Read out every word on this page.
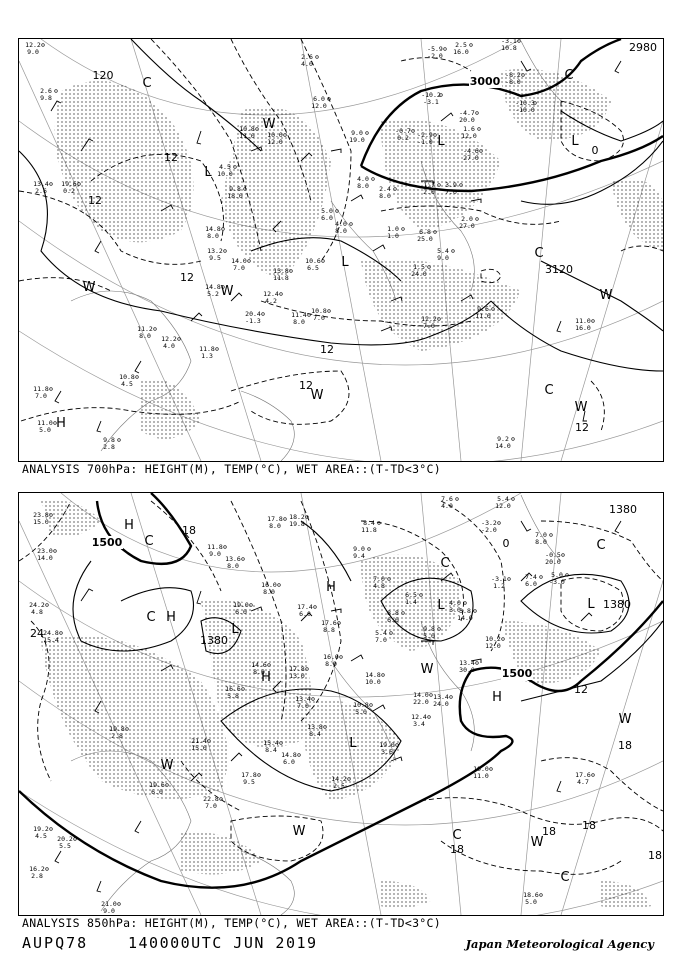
L
L
L	L
C
C
C
C
W
W
W
W
W
W
H
3000
2980
3120
12
12
12
12
12
12
0
120
12.2
9.0
2.6
9.8
13.4
2.6
19.6
0.2
11.2
8.0 12.2
4.0	11.8
1.3
10.8
4.5
11.8
7.0
11.0
5.0
9.8
2.8
10.8
11.0 10.0
12.0
4.5
10.0
9.8
18.0
14.8
8.0
13.2
9.5 14.0
7.0
14.8
5.2
20.4
-1.3
12.4
4.2
13.8
11.8
10.6
6.5
10.8
7.0
11.4
8.0
2.6
4.0
6.0
12.0
9.0
19.0
4.0
8.0
5.0
6.0
4.0
8.0
2.4
8.0
-0.7
0.2 -2.9
-1.0
1.7
2.0
3.9
7.0
2.0
27.0
6.8
25.0
5.4
9.0
1.0
1.0
1.5
24.0
-5.9
-2.0
2.5
16.0
-10.2
-3.1
-4.7
20.0
1.6
12.0
-3.1
10.8
-8.2
-8.0
-10.3
-10.0
-4.6
27.0
9.6
11.0
12.2
7.0
11.0
16.0
9.2
14.0
ANALYSIS 700hPa: HEIGHT(M), TEMP(°C), WET AREA::(T-TD<3°C)
H
C
H
C
L
H
H
L
L
C
H
L
C
W
W
W
W
W
C
C
1500
1500
1380
1380
1380
18
18
18 18
18
18
12
24
0
23.8
15.0
23.0
14.0
24.8
15.4
24.2
4.8
19.8
2.8
21.4
15.0
19.6
6.0
22.8
7.0
19.2
4.5 20.2
5.5
16.2
2.8
21.0
9.0
17.8
8.0
18.2
19.8
11.8
9.0
13.6
8.0
16.0
8.0
17.4
6.0
17.6
8.8
19.0
6.0
17.8
13.0
14.6
8.0
16.6
5.8	13.4
7.0
13.8
8.4
15.4
8.4
14.8
6.0
17.8
9.5
16.0
8.0
14.8
10.0
10.8
5.0
19.0
3.6
14.2
2.5
8.4
11.8
9.0
9.4
7.0
4.8
8.8
6.0
5.4
7.0
6.5
1.4
9.8
5.0
13.4
30.0
14.0
22.0
13.4
24.0
12.4
3.4
10.2
12.0
7.6
4.0
5.4
12.0
-3.2
-2.0
-3.1
1.2
4.0
3.0
3.8
14.0
7.0
8.0
-0.5
20.0
5.0
-3.0
7.4
6.0
17.6
4.7
19.0
11.0
18.6
5.0
ANALYSIS 850hPa: HEIGHT(M), TEMP(°C), WET AREA::(T-TD<3°C)
AUPQ78	140000UTC JUN 2019	Japan Meteorological Agency
